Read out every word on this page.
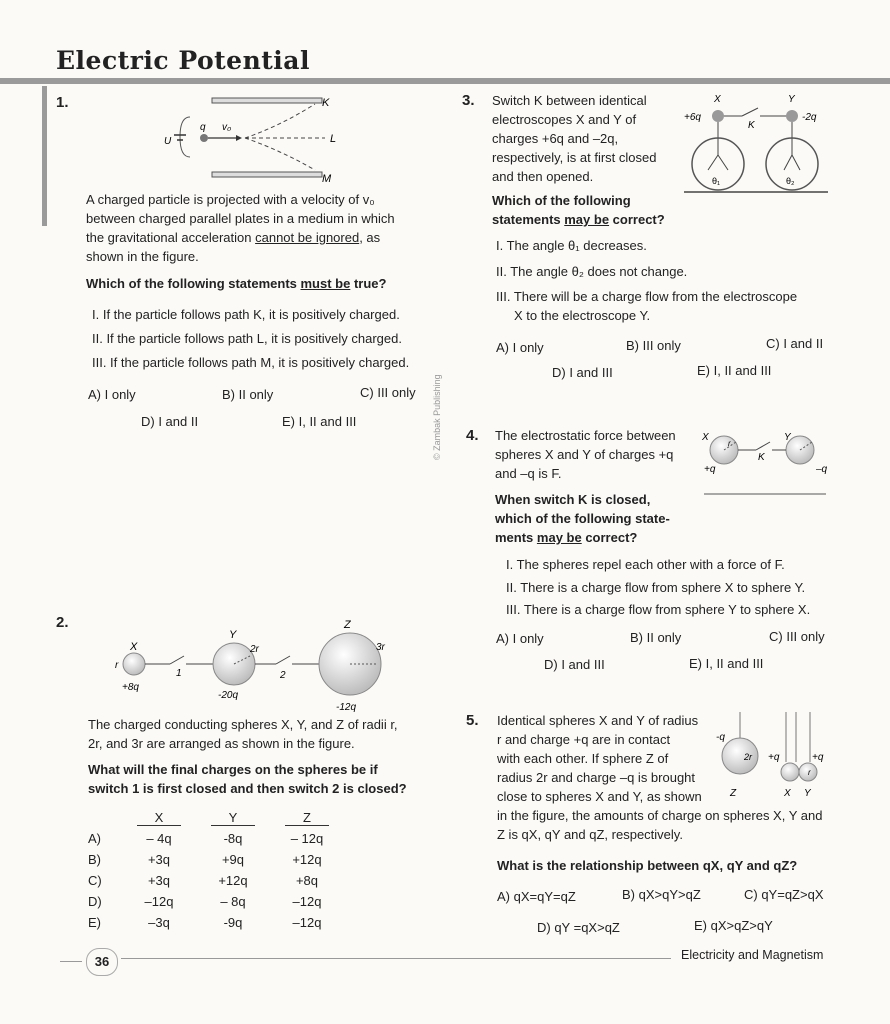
Electric Potential
© Zambak Publishing
1.	K
L
M
q v₀
U
A charged particle is projected with a velocity of v₀
between charged parallel plates in a medium in which
the gravitational acceleration cannot be ignored, as
shown in the figure.
Which of the following statements must be true?
I. If the particle follows path K, it is positively charged.
II. If the particle follows path L, it is positively charged.
III. If the particle follows path M, it is positively charged.
A) I only	B) II only	C) III only
D) I and II	E) I, II and III
2.
X
Y
Z
r
2r	3r
1	2
+8q
-20q
-12q
The charged conducting spheres X, Y, and Z of radii r,
2r, and 3r are arranged as shown in the figure.
What will the final charges on the spheres be if
switch 1 is first closed and then switch 2 is closed?
	X	Y	Z
A)	– 4q	-8q	– 12q
B)	+3q	+9q	+12q
C)	+3q	+12q	+8q
D)	–12q	– 8q	–12q
E)	–3q	-9q	–12q
3. Switch K between identical
electroscopes X and Y of
charges +6q and –2q,
respectively, is at first closed
and then opened.
X	Y
K
+6q	-2q
θ₁	θ₂
Which of the following
statements may be correct?
I. The angle θ₁ decreases.
II. The angle θ₂ does not change.
III. There will be a charge flow from the electroscope
X to the electroscope Y.
A) I only	B) III only	C) I and II
D) I and III	E) I, II and III
4. The electrostatic force between
spheres X and Y of charges +q
and –q is F.
X	Y
K
r
+q	–q
When switch K is closed,
which of the following state-
ments may be correct?
I. The spheres repel each other with a force of F.
II. There is a charge flow from sphere X to sphere Y.
III. There is a charge flow from sphere Y to sphere X.
A) I only	B) II only	C) III only
D) I and III	E) I, II and III
5. Identical spheres X and Y of radius
r and charge +q are in contact
with each other. If sphere Z of
radius 2r and charge –q is brought
close to spheres X and Y, as shown
in the figure, the amounts of charge on spheres X, Y and
Z is qX, qY and qZ, respectively.
-q
2r +q	+q
r
Z	X Y
What is the relationship between qX, qY and qZ?
A) qX=qY=qZ	B) qX>qY>qZ	C) qY=qZ>qX
D) qY =qX>qZ	E) qX>qZ>qY
36	Electricity and Magnetism
